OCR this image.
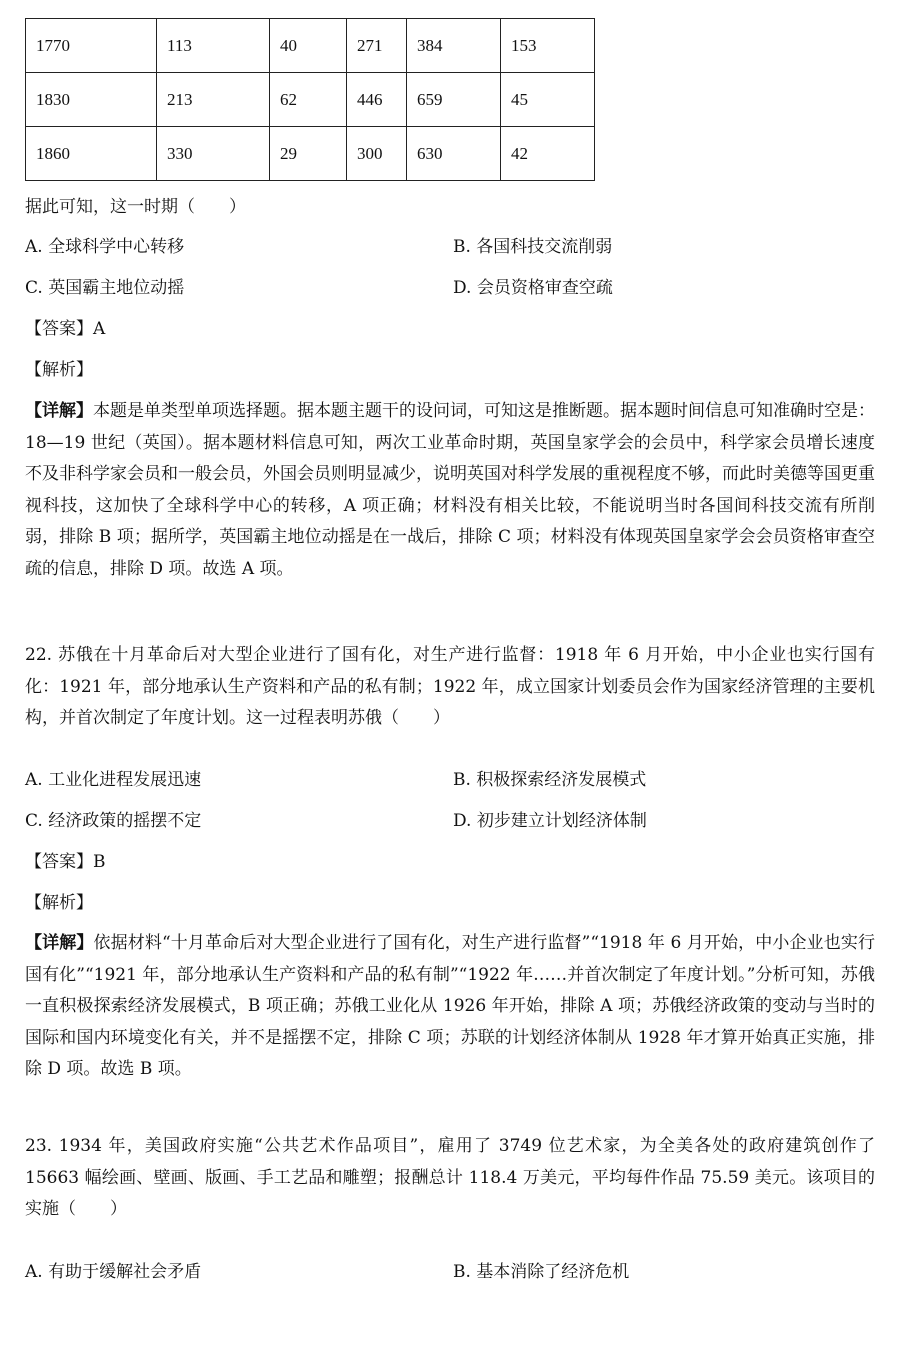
1770	113	40	271	384	153
1830	213	62	446	659	45
1860	330	29	300	630	42
据此可知，这一时期（　　）
A. 全球科学中心转移	B. 各国科技交流削弱
C. 英国霸主地位动摇	D. 会员资格审查空疏
【答案】A
【解析】
【详解】本题是单类型单项选择题。据本题主题干的设问词，可知这是推断题。据本题时间信息可知准确时空是：18—19 世纪（英国）。据本题材料信息可知，两次工业革命时期，英国皇家学会的会员中，科学家会员增长速度不及非科学家会员和一般会员，外国会员则明显减少，说明英国对科学发展的重视程度不够，而此时美德等国更重视科技，这加快了全球科学中心的转移，A 项正确；材料没有相关比较，不能说明当时各国间科技交流有所削弱，排除 B 项；据所学，英国霸主地位动摇是在一战后，排除 C 项；材料没有体现英国皇家学会会员资格审查空疏的信息，排除 D 项。故选 A 项。
22. 苏俄在十月革命后对大型企业进行了国有化，对生产进行监督：1918 年 6 月开始，中小企业也实行国有化：1921 年，部分地承认生产资料和产品的私有制；1922 年，成立国家计划委员会作为国家经济管理的主要机构，并首次制定了年度计划。这一过程表明苏俄（　　）
A. 工业化进程发展迅速	B. 积极探索经济发展模式
C. 经济政策的摇摆不定	D. 初步建立计划经济体制
【答案】B
【解析】
【详解】依据材料“十月革命后对大型企业进行了国有化，对生产进行监督”“1918 年 6 月开始，中小企业也实行国有化”“1921 年，部分地承认生产资料和产品的私有制”“1922 年……并首次制定了年度计划。”分析可知，苏俄一直积极探索经济发展模式，B 项正确；苏俄工业化从 1926 年开始，排除 A 项；苏俄经济政策的变动与当时的国际和国内环境变化有关，并不是摇摆不定，排除 C 项；苏联的计划经济体制从 1928 年才算开始真正实施，排除 D 项。故选 B 项。
23. 1934 年，美国政府实施“公共艺术作品项目”，雇用了 3749 位艺术家，为全美各处的政府建筑创作了 15663 幅绘画、壁画、版画、手工艺品和雕塑；报酬总计 118.4 万美元，平均每件作品 75.59 美元。该项目的实施（　　）
A. 有助于缓解社会矛盾	B. 基本消除了经济危机
